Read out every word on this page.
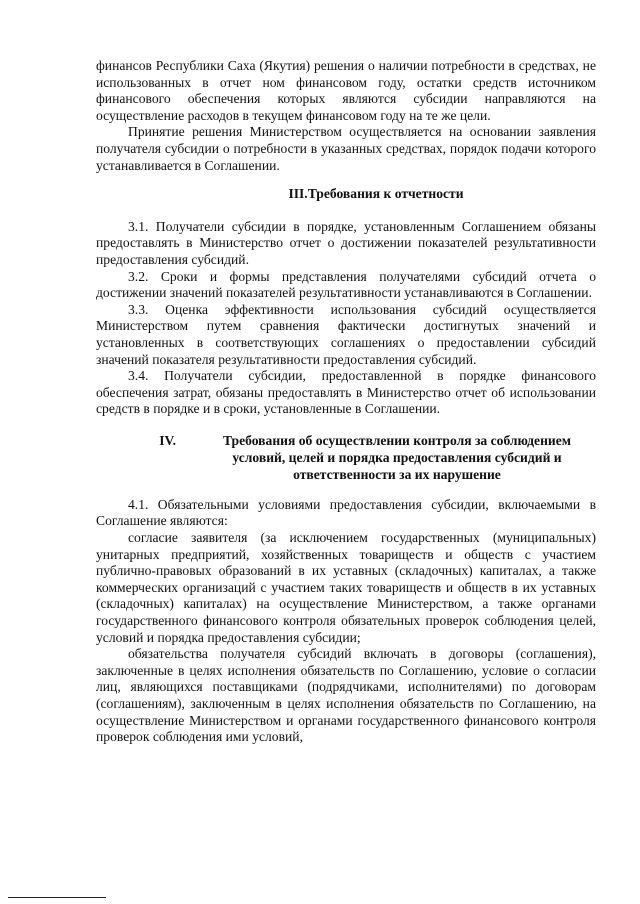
финансов Республики Саха (Якутия) решения о наличии потребности в средствах, не использованных в отчет ном финансовом году, остатки средств источником финансового обеспечения которых являются субсидии направляются на осуществление расходов в текущем финансовом году на те же цели.

Принятие решения Министерством осуществляется на основании заявления получателя субсидии о потребности в указанных средствах, порядок подачи которого устанавливается в Соглашении.

III.Требования к отчетности

3.1. Получатели субсидии в порядке, установленным Соглашением обязаны предоставлять в Министерство отчет о достижении показателей результативности предоставления субсидий.

3.2. Сроки и формы представления получателями субсидий отчета о достижении значений показателей результативности устанавливаются в Соглашении.

3.3. Оценка эффективности использования субсидий осуществляется Министерством путем сравнения фактически достигнутых значений и установленных в соответствующих соглашениях о предоставлении субсидий значений показателя результативности предоставления субсидий.

3.4. Получатели субсидии, предоставленной в порядке финансового обеспечения затрат, обязаны предоставлять в Министерство отчет об использовании средств в порядке и в сроки, установленные в Соглашении.

IV.	Требования об осуществлении контроля за соблюдением условий, целей и порядка предоставления субсидий и ответственности за их нарушение

4.1. Обязательными условиями предоставления субсидии, включаемыми в Соглашение являются:

согласие заявителя (за исключением государственных (муниципальных) унитарных предприятий, хозяйственных товариществ и обществ с участием публично-правовых образований в их уставных (складочных) капиталах, а также коммерческих организаций с участием таких товариществ и обществ в их уставных (складочных) капиталах) на осуществление Министерством, а также органами государственного финансового контроля обязательных проверок соблюдения целей, условий и порядка предоставления субсидии;

обязательства получателя субсидий включать в договоры (соглашения), заключенные в целях исполнения обязательств по Соглашению, условие о согласии лиц, являющихся поставщиками (подрядчиками, исполнителями) по договорам (соглашениям), заключенным в целях исполнения обязательств по Соглашению, на осуществление Министерством и органами государственного финансового контроля проверок соблюдения ими условий,
